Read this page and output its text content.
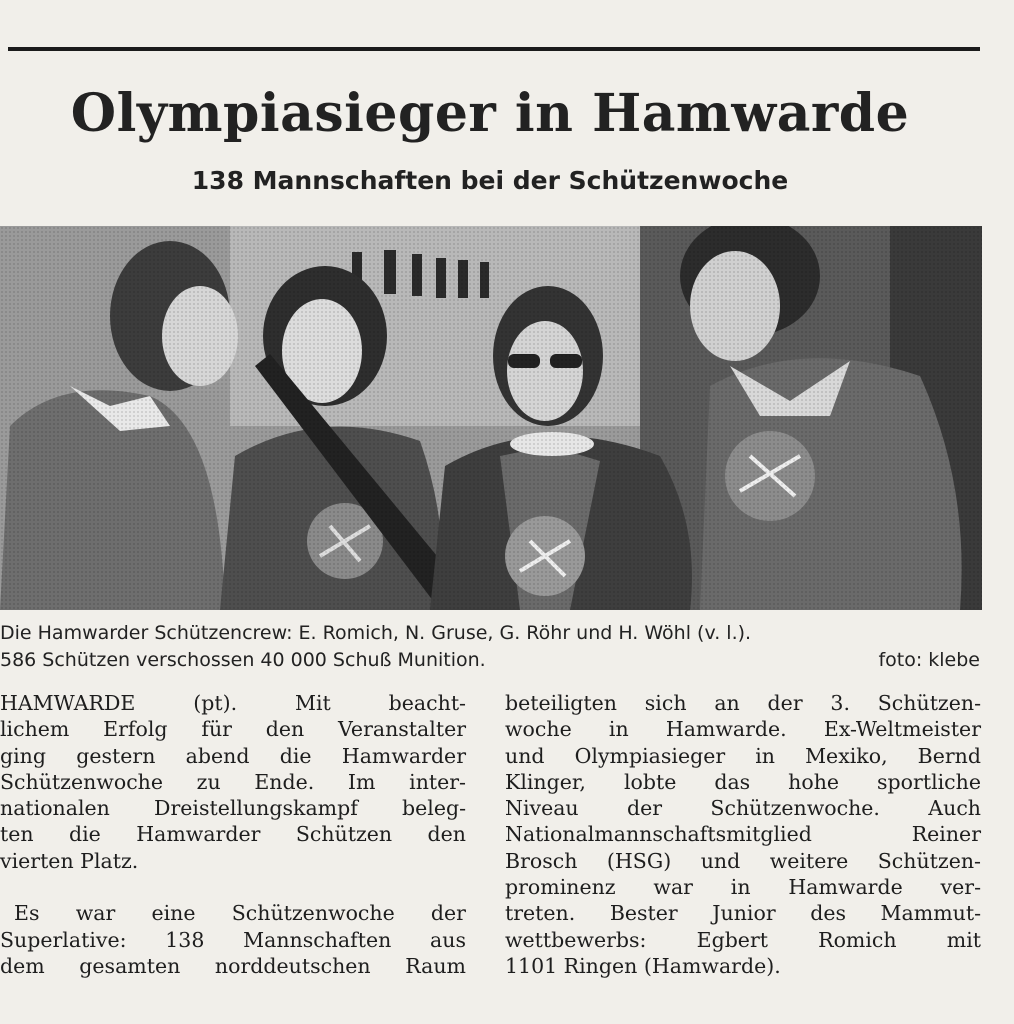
Olympiasieger in Hamwarde
138 Mannschaften bei der Schützenwoche
Die Hamwarder Schützencrew: E. Romich, N. Gruse, G. Röhr und H. Wöhl (v. l.).
586 Schützen verschossen 40 000 Schuß Munition.	foto: klebe
HAMWARDE (pt). Mit beacht-
lichem Erfolg für den Veranstalter
ging gestern abend die Hamwarder
Schützenwoche zu Ende. Im inter-
nationalen Dreistellungskampf beleg-
ten die Hamwarder Schützen den
vierten Platz.
Es war eine Schützenwoche der
Superlative: 138 Mannschaften aus
dem gesamten norddeutschen Raum
beteiligten sich an der 3. Schützen-
woche in Hamwarde. Ex-Weltmeister
und Olympiasieger in Mexiko, Bernd
Klinger, lobte das hohe sportliche
Niveau der Schützenwoche. Auch
Nationalmannschaftsmitglied Reiner
Brosch (HSG) und weitere Schützen-
prominenz war in Hamwarde ver-
treten. Bester Junior des Mammut-
wettbewerbs: Egbert Romich mit
1101 Ringen (Hamwarde).
